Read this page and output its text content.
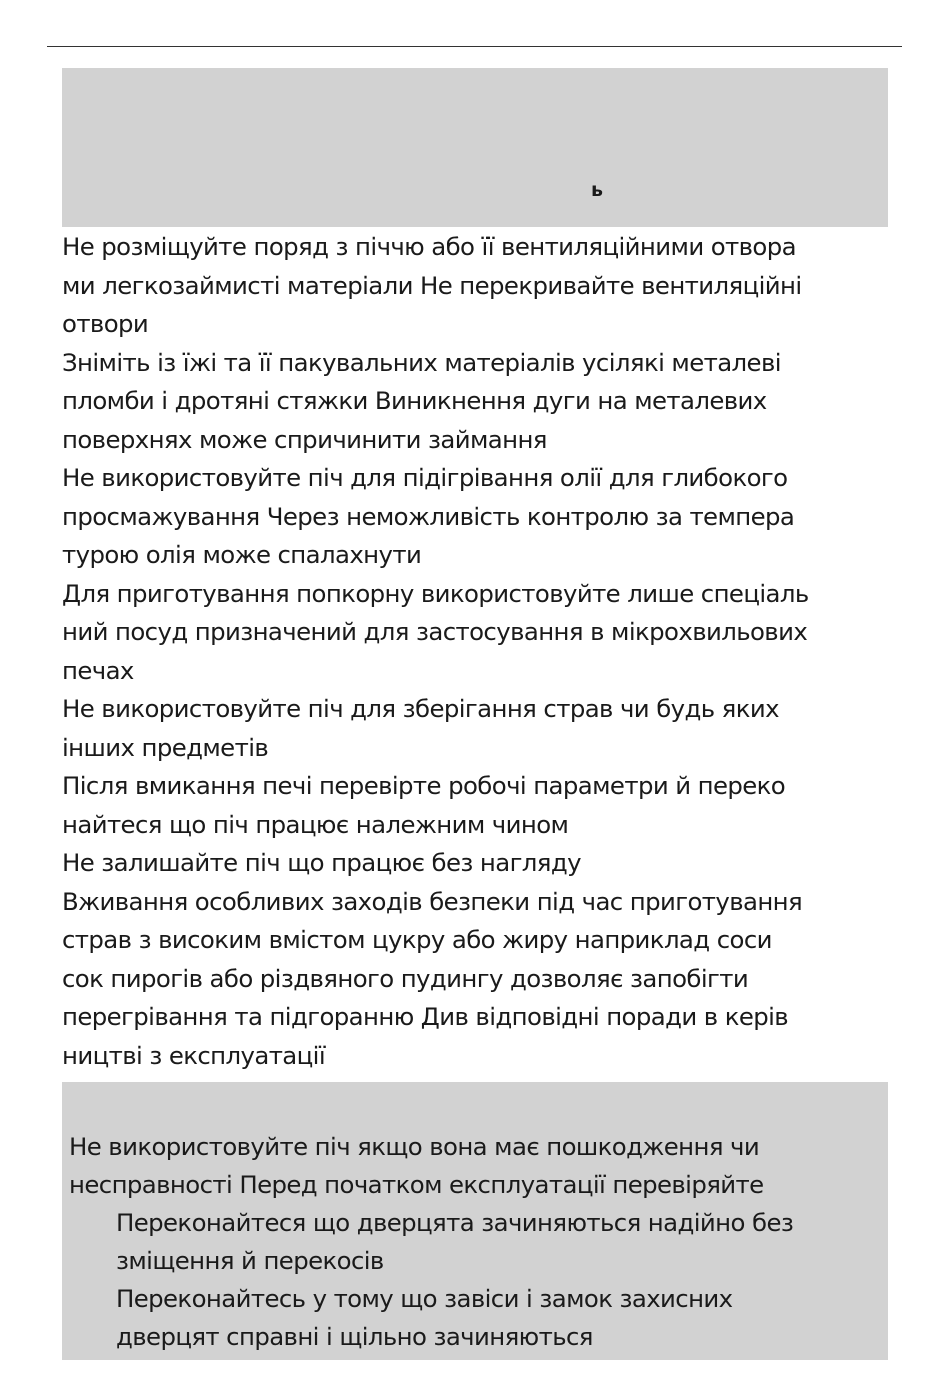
ь
Не розміщуйте поряд з піччю або її вентиляційними отвора
ми легкозаймисті матеріали Не перекривайте вентиляційні
отвори
Зніміть із їжі та її пакувальних матеріалів усілякі металеві
пломби і дротяні стяжки Виникнення дуги на металевих
поверхнях може спричинити займання
Не використовуйте піч для підігрівання олії для глибокого
просмажування Через неможливість контролю за темпера
турою олія може спалахнути
Для приготування попкорну використовуйте лише спеціаль
ний посуд призначений для застосування в мікрохвильових
печах
Не використовуйте піч для зберігання страв чи будь яких
інших предметів
Після вмикання печі перевірте робочі параметри й переко
найтеся що піч працює належним чином
Не залишайте піч що працює без нагляду
Вживання особливих заходів безпеки під час приготування
страв з високим вмістом цукру або жиру наприклад соси
сок пирогів або різдвяного пудингу дозволяє запобігти
перегрівання та підгоранню Див відповідні поради в керів
ництві з експлуатації
Не використовуйте піч якщо вона має пошкодження чи
несправності Перед початком експлуатації перевіряйте
Переконайтеся що дверцята зачиняються надійно без
зміщення й перекосів
Переконайтесь у тому що завіси і замок захисних
дверцят справні і щільно зачиняються
